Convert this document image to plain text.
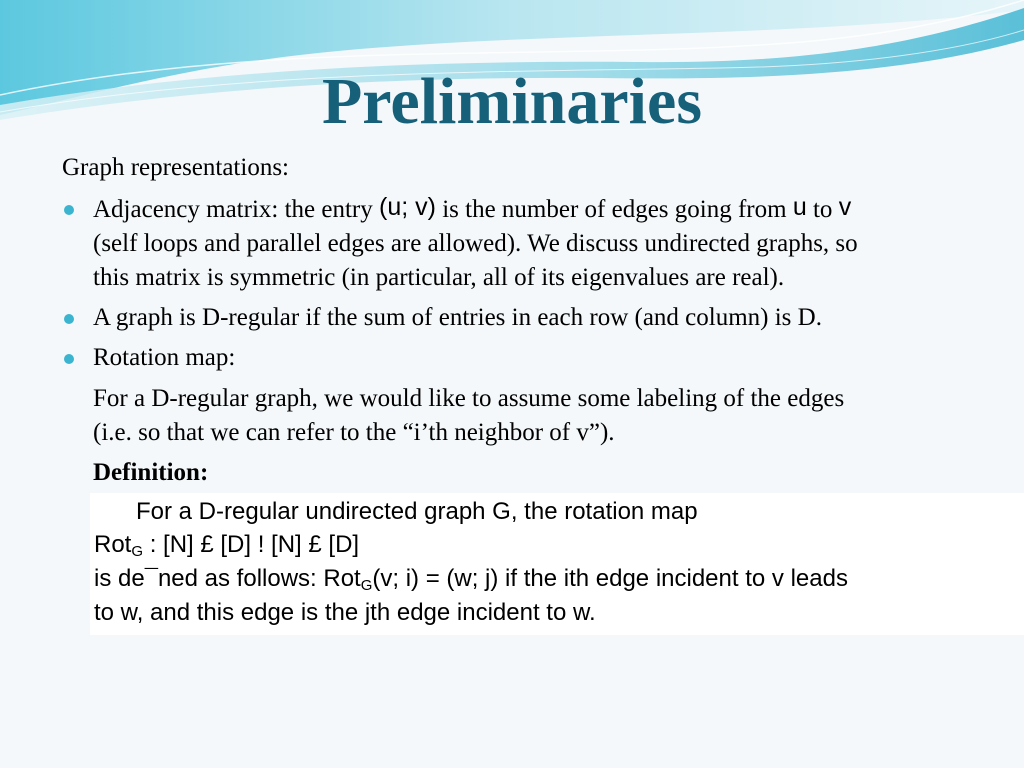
Preliminaries

Graph representations:

Adjacency matrix: the entry (u; v) is the number of edges going from u to v
(self loops and parallel edges are allowed). We discuss undirected graphs, so
this matrix is symmetric (in particular, all of its eigenvalues are real).

A graph is D-regular if the sum of entries in each row (and column) is D.

Rotation map:

For a D-regular graph, we would like to assume some labeling of the edges
(i.e. so that we can refer to the “i’th neighbor of v”).

Definition:

For a D-regular undirected graph G, the rotation map
Rot$_G$ : [N] £ [D] ! [N] £ [D]
is de¯ned as follows: Rot$_G$(v; i) = (w; j) if the ith edge incident to v leads
to w, and this edge is the jth edge incident to w.
